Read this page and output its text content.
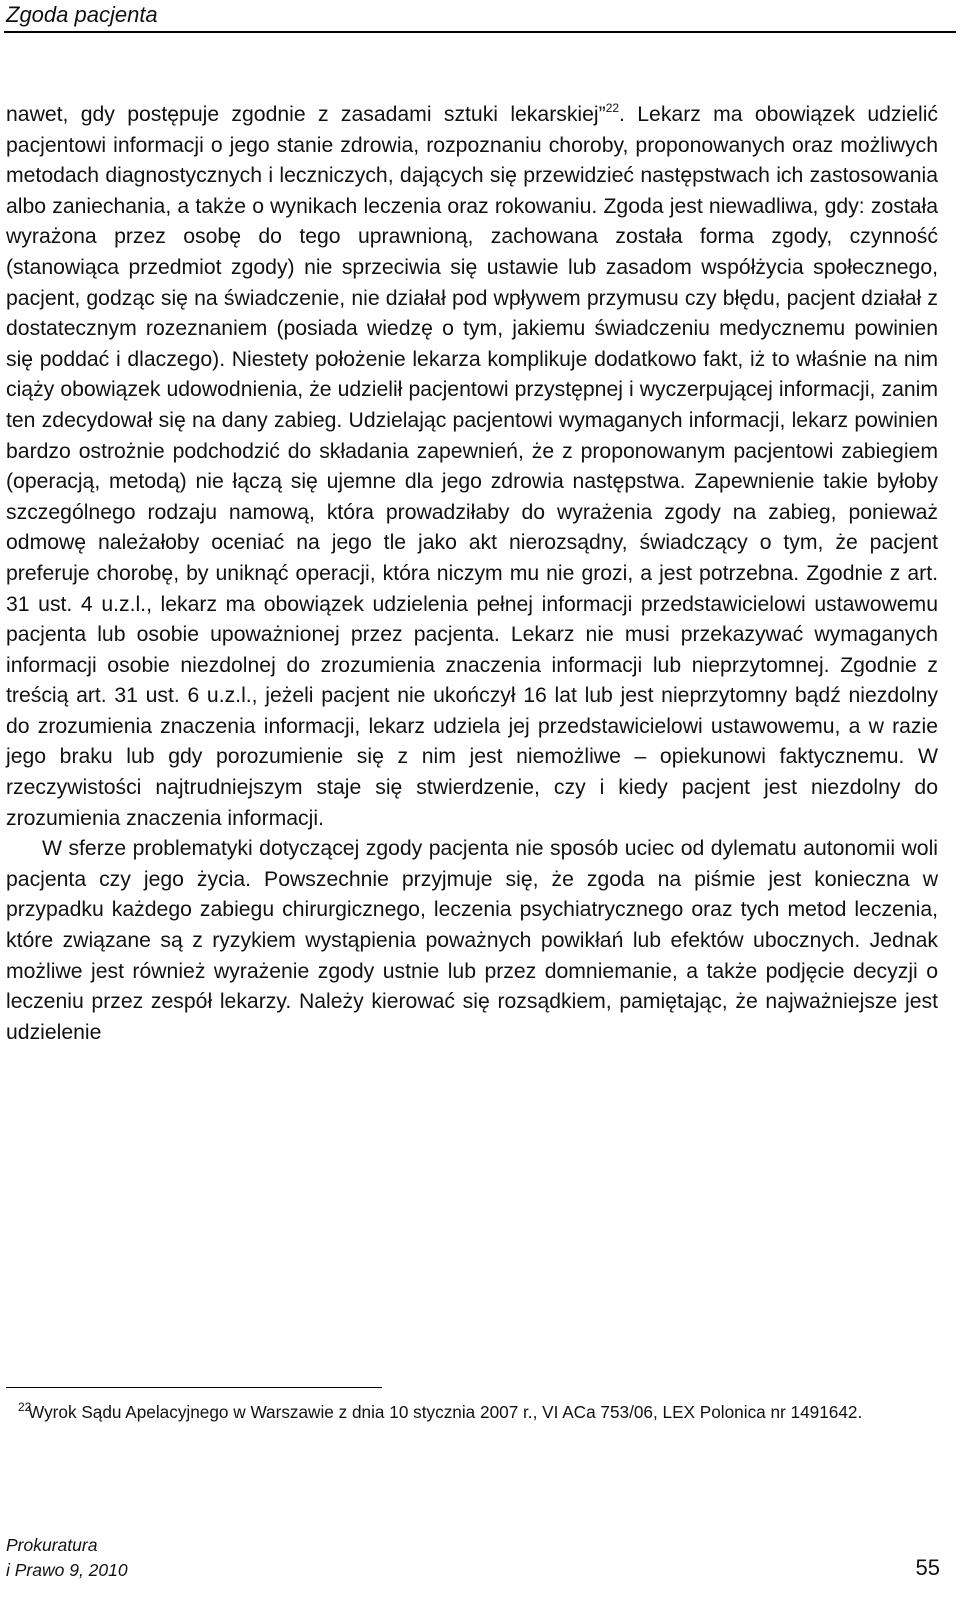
Zgoda pacjenta

nawet, gdy postępuje zgodnie z zasadami sztuki lekarskiej”$^{22}$. Lekarz ma obowiązek udzielić pacjentowi informacji o jego stanie zdrowia, rozpoznaniu choroby, proponowanych oraz możliwych metodach diagnostycznych i leczniczych, dających się przewidzieć następstwach ich zastosowania albo zaniechania, a także o wynikach leczenia oraz rokowaniu. Zgoda jest niewadliwa, gdy: została wyrażona przez osobę do tego uprawnioną, zachowana została forma zgody, czynność (stanowiąca przedmiot zgody) nie sprzeciwia się ustawie lub zasadom współżycia społecznego, pacjent, godząc się na świadczenie, nie działał pod wpływem przymusu czy błędu, pacjent działał z dostatecznym rozeznaniem (posiada wiedzę o tym, jakiemu świadczeniu medycznemu powinien się poddać i dlaczego). Niestety położenie lekarza komplikuje dodatkowo fakt, iż to właśnie na nim ciąży obowiązek udowodnienia, że udzielił pacjentowi przystępnej i wyczerpującej informacji, zanim ten zdecydował się na dany zabieg. Udzielając pacjentowi wymaganych informacji, lekarz powinien bardzo ostrożnie podchodzić do składania zapewnień, że z proponowanym pacjentowi zabiegiem (operacją, metodą) nie łączą się ujemne dla jego zdrowia następstwa. Zapewnienie takie byłoby szczególnego rodzaju namową, która prowadziłaby do wyrażenia zgody na zabieg, ponieważ odmowę należałoby oceniać na jego tle jako akt nierozsądny, świadczący o tym, że pacjent preferuje chorobę, by uniknąć operacji, która niczym mu nie grozi, a jest potrzebna. Zgodnie z art. 31 ust. 4 u.z.l., lekarz ma obowiązek udzielenia pełnej informacji przedstawicielowi ustawowemu pacjenta lub osobie upoważnionej przez pacjenta. Lekarz nie musi przekazywać wymaganych informacji osobie niezdolnej do zrozumienia znaczenia informacji lub nieprzytomnej. Zgodnie z treścią art. 31 ust. 6 u.z.l., jeżeli pacjent nie ukończył 16 lat lub jest nieprzytomny bądź niezdolny do zrozumienia znaczenia informacji, lekarz udziela jej przedstawicielowi ustawowemu, a w razie jego braku lub gdy porozumienie się z nim jest niemożliwe – opiekunowi faktycznemu. W rzeczywistości najtrudniejszym staje się stwierdzenie, czy i kiedy pacjent jest niezdolny do zrozumienia znaczenia informacji.

W sferze problematyki dotyczącej zgody pacjenta nie sposób uciec od dylematu autonomii woli pacjenta czy jego życia. Powszechnie przyjmuje się, że zgoda na piśmie jest konieczna w przypadku każdego zabiegu chirurgicznego, leczenia psychiatrycznego oraz tych metod leczenia, które związane są z ryzykiem wystąpienia poważnych powikłań lub efektów ubocznych. Jednak możliwe jest również wyrażenie zgody ustnie lub przez domniemanie, a także podjęcie decyzji o leczeniu przez zespół lekarzy. Należy kierować się rozsądkiem, pamiętając, że najważniejsze jest udzielenie

22
Wyrok Sądu Apelacyjnego w Warszawie z dnia 10 stycznia 2007 r., VI ACa 753/06, LEX Polonica nr 1491642.
Prokuratura
i Prawo 9, 2010	55
